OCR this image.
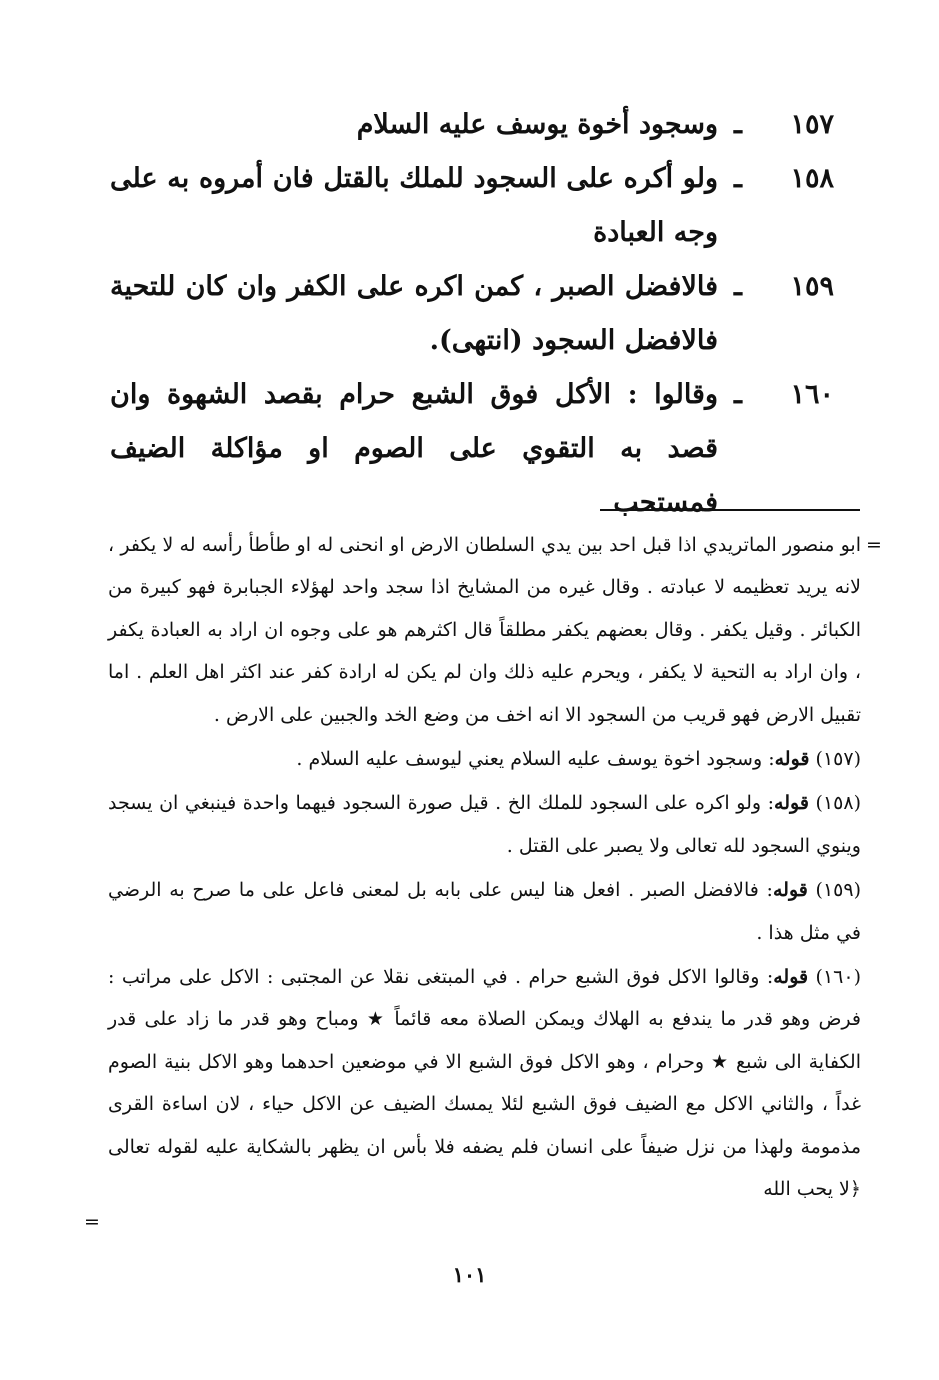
١٥٧
ـ
وسجود أخوة يوسف عليه السلام
١٥٨
ـ
ولو أكره على السجود للملك بالقتل فان أمروه به على وجه العبادة
١٥٩
ـ
فالافضل الصبر ، كمن اكره على الكفر وان كان للتحية فالافضل السجود (انتهى).
١٦٠
ـ
وقالوا : الأكل فوق الشبع حرام بقصد الشهوة وان قصد به التقوي على الصوم او مؤاكلة الضيف فمستحب
=

ابو منصور الماتريدي اذا قبل احد بين يدي السلطان الارض او انحنى له او طأطأ رأسه له لا يكفر ، لانه يريد تعظيمه لا عبادته . وقال غيره من المشايخ اذا سجد واحد لهؤلاء الجبابرة فهو كبيرة من الكبائر . وقيل يكفر . وقال بعضهم يكفر مطلقاً قال اكثرهم هو على وجوه ان اراد به العبادة يكفر ، وان اراد به التحية لا يكفر ، ويحرم عليه ذلك وان لم يكن له ارادة كفر عند اكثر اهل العلم . اما تقبيل الارض فهو قريب من السجود الا انه اخف من وضع الخد والجبين على الارض .

(١٥٧) قوله: وسجود اخوة يوسف عليه السلام يعني ليوسف عليه السلام .

(١٥٨) قوله: ولو اكره على السجود للملك الخ . قيل صورة السجود فيهما واحدة فينبغي ان يسجد وينوي السجود لله تعالى ولا يصبر على القتل .

(١٥٩) قوله: فالافضل الصبر . افعل هنا ليس على بابه بل لمعنى فاعل على ما صرح به الرضي في مثل هذا .

(١٦٠) قوله: وقالوا الاكل فوق الشبع حرام . في المبتغى نقلا عن المجتبى : الاكل على مراتب : فرض وهو قدر ما يندفع به الهلاك ويمكن الصلاة معه قائماً ★ ومباح وهو قدر ما زاد على قدر الكفاية الى شبع ★ وحرام ، وهو الاكل فوق الشبع الا في موضعين احدهما وهو الاكل بنية الصوم غداً ، والثاني الاكل مع الضيف فوق الشبع لئلا يمسك الضيف عن الاكل حياء ، لان اساءة القرى مذمومة ولهذا من نزل ضيفاً على انسان فلم يضفه فلا بأس ان يظهر بالشكاية عليه لقوله تعالى ﴿لا يحب الله

=
١٠١
